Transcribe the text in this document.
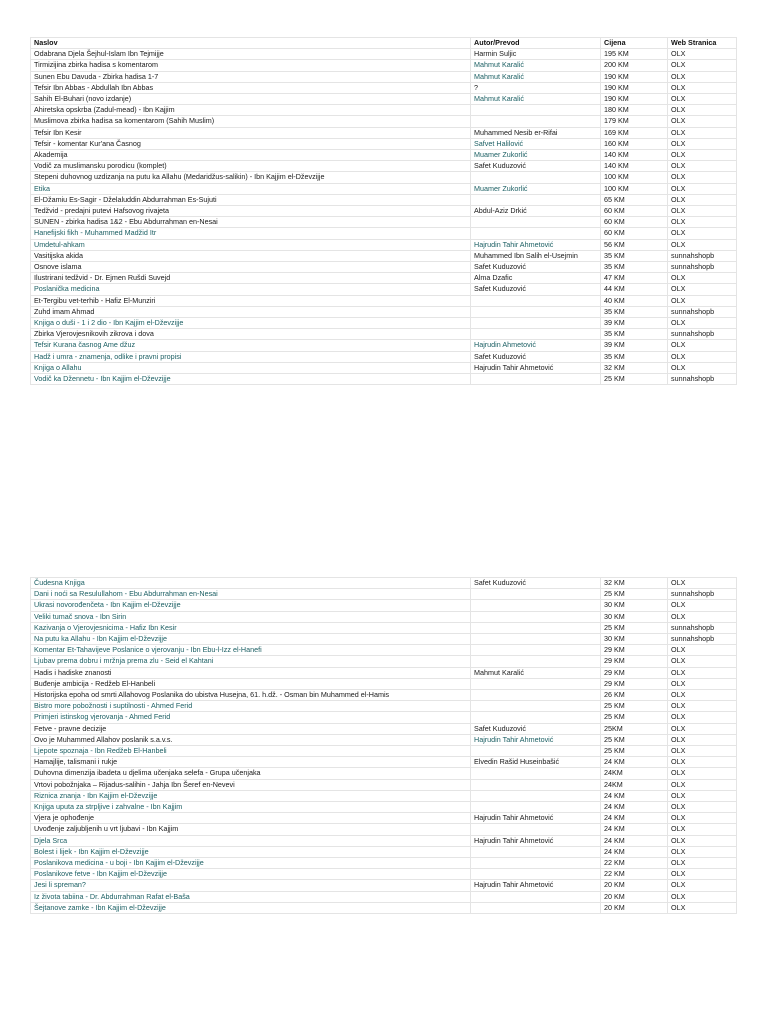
Naslov	Autor/Prevod	Cijena	Web Stranica
Odabrana Djela Šejhul-Islam Ibn Tejmijje	Harmin Suljic	195 KM	OLX
Tirmizijina zbirka hadisa s komentarom	Mahmut Karalić	200 KM	OLX
Sunen Ebu Davuda - Zbirka hadisa 1-7	Mahmut Karalić	190 KM	OLX
Tefsir Ibn Abbas - Abdullah Ibn Abbas	?	190 KM	OLX
Sahih El-Buhari (novo izdanje)	Mahmut Karalić	190 KM	OLX
Ahiretska opskrba (Zadul-mead) - Ibn Kajjim		180 KM	OLX
Muslimova zbirka hadisa sa komentarom (Sahih Muslim)		179 KM	OLX
Tefsir Ibn Kesir	Muhammed Nesib er-Rifai	169 KM	OLX
Tefsir - komentar Kur'ana Časnog	Safvet Halilović	160 KM	OLX
Akademija	Muamer Zukorlić	140 KM	OLX
Vodič za muslimansku porodicu (komplet)	Safet Kuduzović	140 KM	OLX
Stepeni duhovnog uzdizanja na putu ka Allahu (Medaridžus-salikin) - Ibn Kajjim el-Dževzijje		100 KM	OLX
Etika	Muamer Zukorlić	100 KM	OLX
El-Džamiu Es-Sagir - Dželaluddin Abdurrahman Es-Sujuti		65 KM	OLX
Tedžvid - predajni putevi Hafsovog rivajeta	Abdul-Aziz Drkić	60 KM	OLX
SUNEN - zbirka hadisa 1&2 - Ebu Abdurrahman en-Nesai		60 KM	OLX
Hanefijski fikh - Muhammed Madžid Itr		60 KM	OLX
Umdetul-ahkam	Hajrudin Tahir Ahmetović	56 KM	OLX
Vasitijska akida	Muhammed Ibn Salih el-Usejmin	35 KM	sunnahshopb
Osnove islama	Safet Kuduzović	35 KM	sunnahshopb
Ilustrirani tedžvid - Dr. Ejmen Rušdi Suvejd	Alma Dzafic	47 KM	OLX
Poslanička medicina	Safet Kuduzović	44 KM	OLX
Et-Tergibu vet-terhib - Hafiz El-Munziri		40 KM	OLX
Zuhd imam Ahmad		35 KM	sunnahshopb
Knjiga o duši - 1 i 2 dio - Ibn Kajjim el-Dževzijje		39 KM	OLX
Zbirka Vjerovjesnikovih zikrova i dova		35 KM	sunnahshopb
Tefsir Kurana časnog Ame džuz	Hajrudin Ahmetović	39 KM	OLX
Hadž i umra - znamenja, odlike i pravni propisi	Safet Kuduzović	35 KM	OLX
Knjiga o Allahu	Hajrudin Tahir Ahmetović	32 KM	OLX
Vodič ka Džennetu - Ibn Kajjim el-Dževzijje		25 KM	sunnahshopb
Čudesna Knjiga	Safet Kuduzović	32 KM	OLX
Dani i noći sa Resulullahom - Ebu Abdurrahman en-Nesai		25 KM	sunnahshopb
Ukrasi novorođenčeta - Ibn Kajjim el-Dževzijje		30 KM	OLX
Veliki tumač snova - Ibn Sirin		30 KM	OLX
Kazivanja o Vjerovjesnicima - Hafiz Ibn Kesir		25 KM	sunnahshopb
Na putu ka Allahu - Ibn Kajjim el-Dževzijje		30 KM	sunnahshopb
Komentar Et-Tahavijeve Poslanice o vjerovanju - Ibn Ebu-l-Izz el-Hanefi		29 KM	OLX
Ljubav prema dobru i mržnja prema zlu - Seid el Kahtani		29 KM	OLX
Hadis i hadiske znanosti	Mahmut Karalić	29 KM	OLX
Buđenje ambicija - Redžeb El-Hanbeli		29 KM	OLX
Historijska epoha od smrti Allahovog Poslanika do ubistva Husejna, 61. h.dž. - Osman bin Muhammed el-Hamis		26 KM	OLX
Bistro more pobožnosti i suptilnosti - Ahmed Ferid		25 KM	OLX
Primjeri istinskog vjerovanja - Ahmed Ferid		25 KM	OLX
Fetve - pravne decizije	Safet Kuduzović	25KM	OLX
Ovo je Muhammed Allahov poslanik s.a.v.s.	Hajrudin Tahir Ahmetović	25 KM	OLX
Ljepote spoznaja - Ibn Redžeb El-Hanbeli		25 KM	OLX
Hamajlije, talismani i rukje	Elvedin Rašid Huseinbašić	24 KM	OLX
Duhovna dimenzija ibadeta u djelima učenjaka selefa - Grupa učenjaka		24KM	OLX
Vrtovi pobožnjaka – Rijadus-salihin - Jahja Ibn Šeref en-Nevevi		24KM	OLX
Riznica znanja - Ibn Kajjim el-Dževzijje		24 KM	OLX
Knjiga uputa za strpljive i zahvalne - Ibn Kajjim		24 KM	OLX
Vjera je ophođenje	Hajrudin Tahir Ahmetović	24 KM	OLX
Uvođenje zaljubljenih u vrt ljubavi - Ibn Kajjim		24 KM	OLX
Djela Srca	Hajrudin Tahir Ahmetović	24 KM	OLX
Bolest i lijek - Ibn Kajjim el-Dževzijje		24 KM	OLX
Poslanikova medicina - u boji - Ibn Kajjim el-Dževzijje		22 KM	OLX
Poslanikove fetve - Ibn Kajjim el-Dževzijje		22 KM	OLX
Jesi li spreman?	Hajrudin Tahir Ahmetović	20 KM	OLX
Iz života tabiina - Dr. Abdurrahman Rafat el-Baša		20 KM	OLX
Šejtanove zamke - Ibn Kajjim el-Dževzijje		20 KM	OLX
